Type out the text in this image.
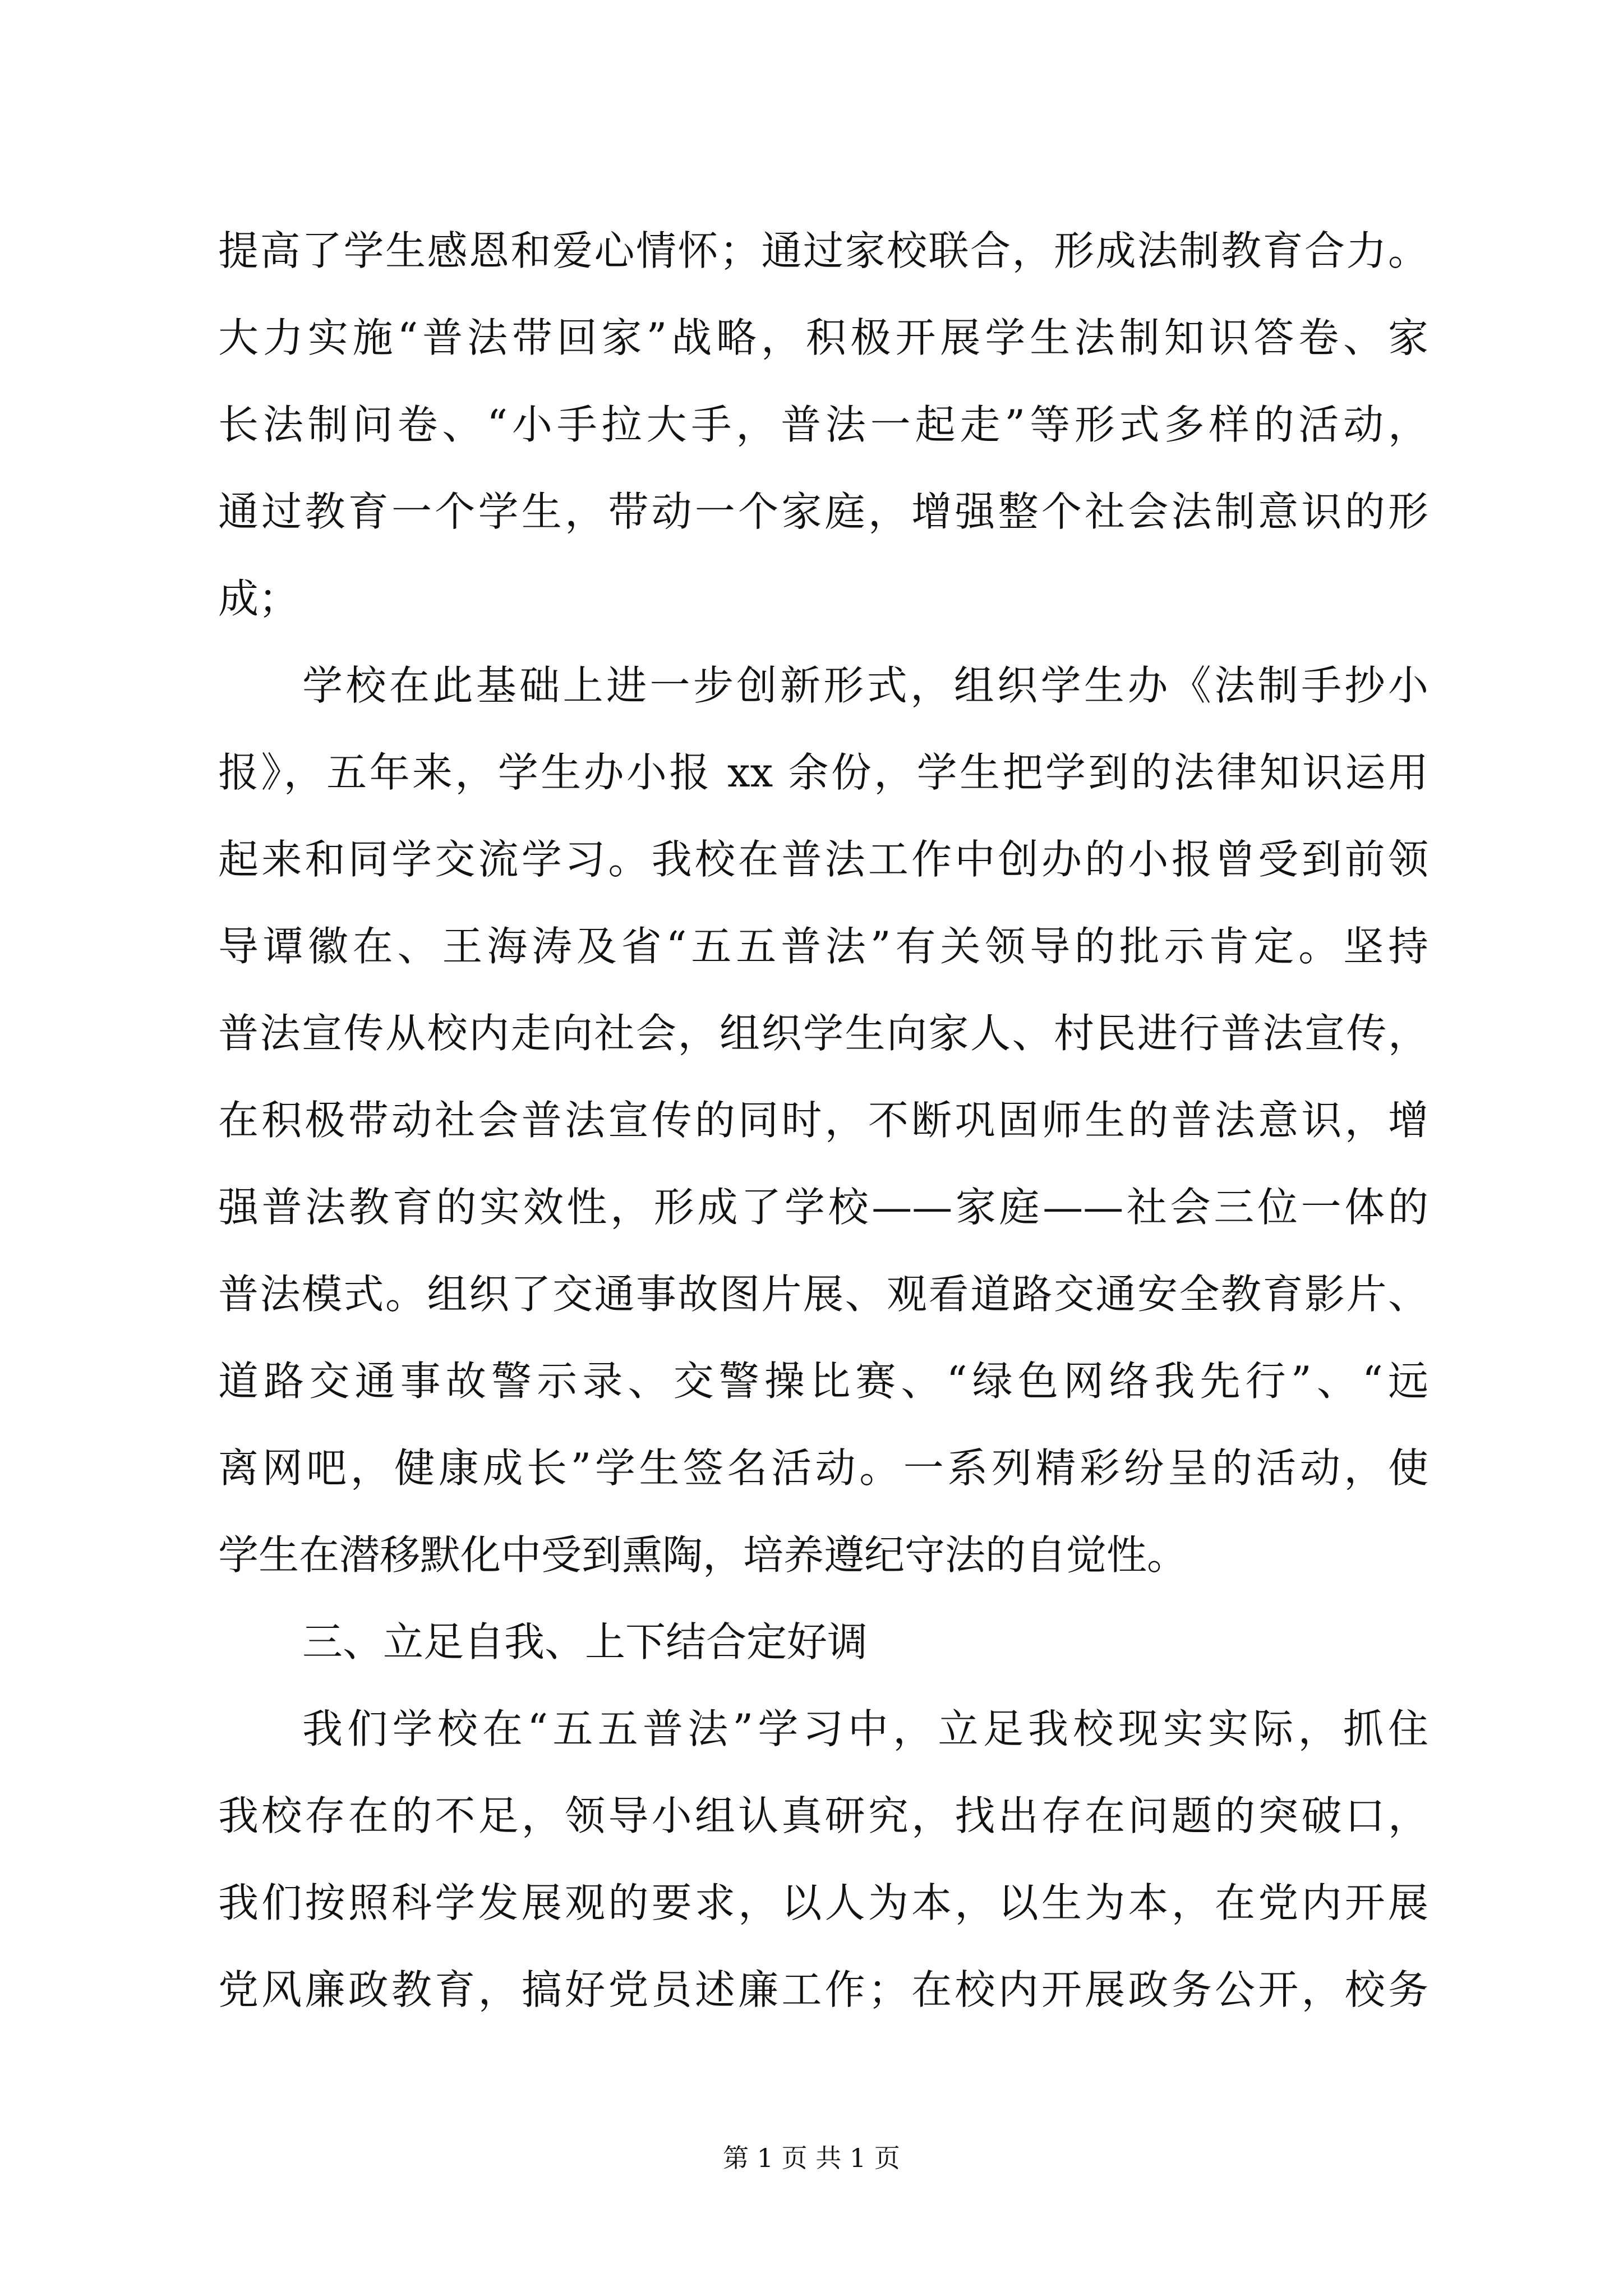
提高了学生感恩和爱心情怀；通过家校联合，形成法制教育合力。
大力实施“普法带回家”战略，积极开展学生法制知识答卷、家
长法制问卷、“小手拉大手，普法一起走”等形式多样的活动，
通过教育一个学生，带动一个家庭，增强整个社会法制意识的形
成；
学校在此基础上进一步创新形式，组织学生办《法制手抄小
报》，五年来，学生办小报 xx 余份，学生把学到的法律知识运用
起来和同学交流学习。我校在普法工作中创办的小报曾受到前领
导谭徽在、王海涛及省“五五普法”有关领导的批示肯定。坚持
普法宣传从校内走向社会，组织学生向家人、村民进行普法宣传，
在积极带动社会普法宣传的同时，不断巩固师生的普法意识，增
强普法教育的实效性，形成了学校——家庭——社会三位一体的
普法模式。组织了交通事故图片展、观看道路交通安全教育影片、
道路交通事故警示录、交警操比赛、“绿色网络我先行”、“远
离网吧，健康成长”学生签名活动。一系列精彩纷呈的活动，使
学生在潜移默化中受到熏陶，培养遵纪守法的自觉性。
三、立足自我、上下结合定好调
我们学校在“五五普法”学习中，立足我校现实实际，抓住
我校存在的不足，领导小组认真研究，找出存在问题的突破口，
我们按照科学发展观的要求，以人为本，以生为本，在党内开展
党风廉政教育，搞好党员述廉工作；在校内开展政务公开，校务
第 1 页 共 1 页
